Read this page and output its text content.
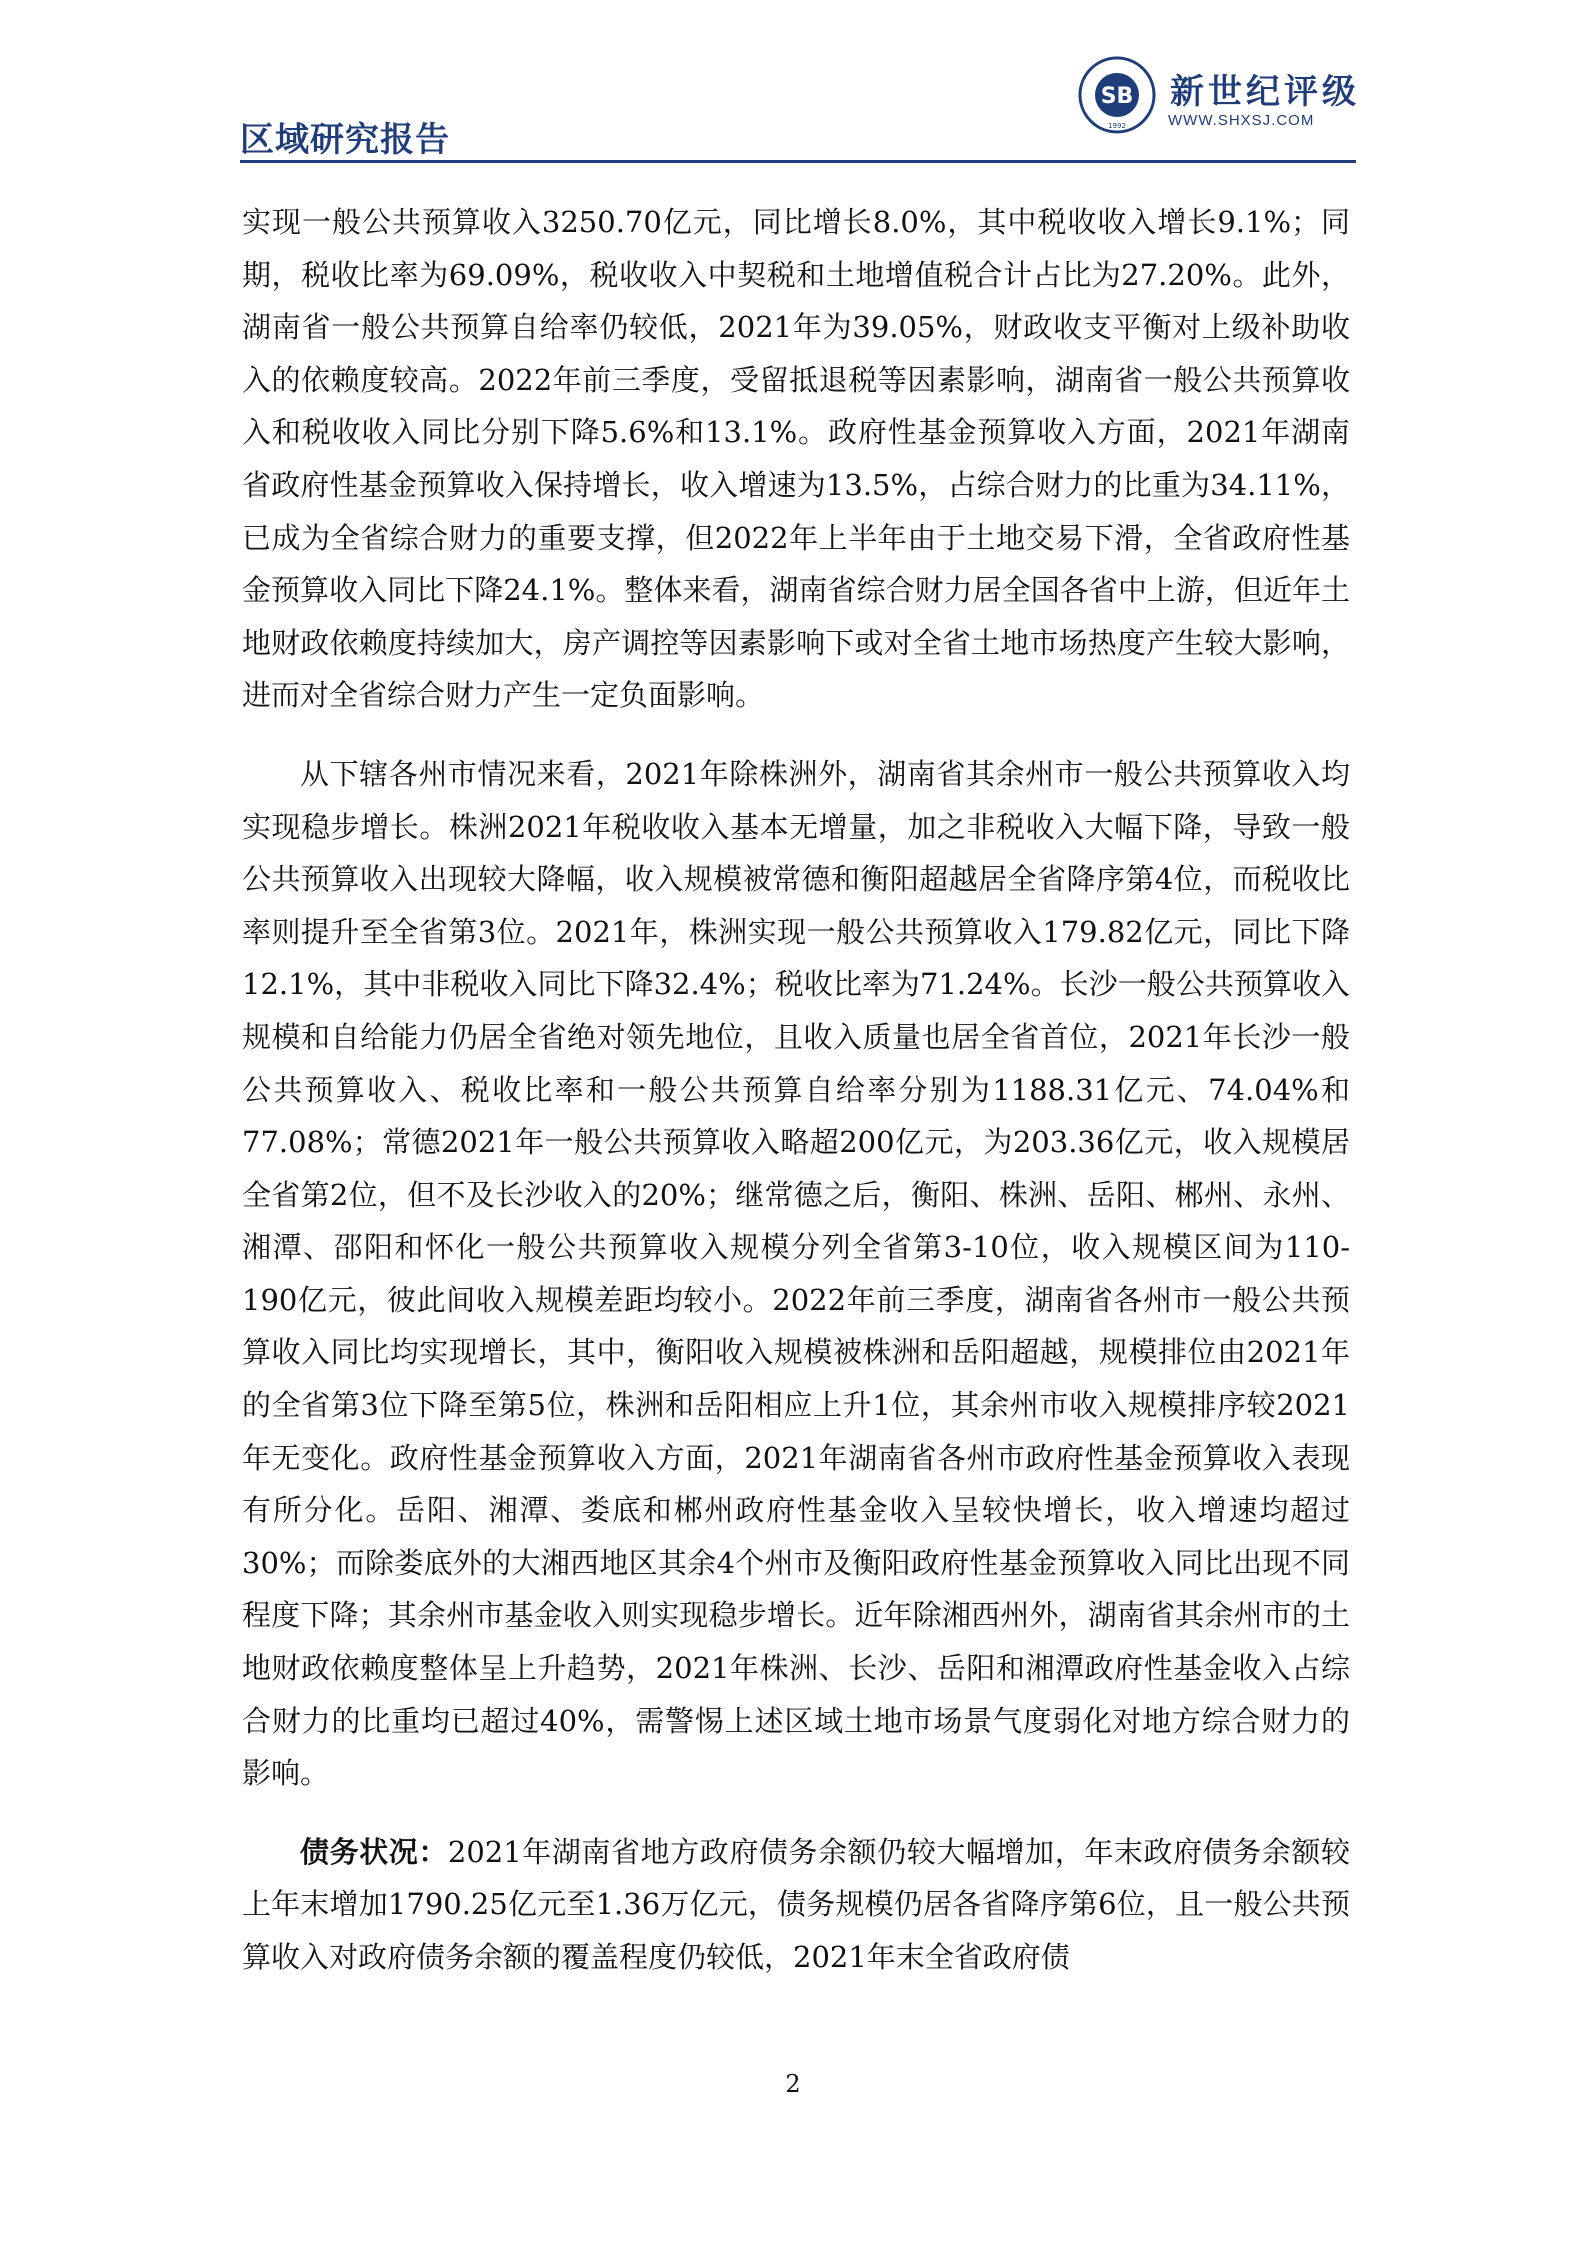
SB
1992
新世纪评级
WWW.SHXSJ.COM
区域研究报告

实现一般公共预算收入3250.70亿元，同比增长8.0%，其中税收收入增长9.1%；同期，税收比率为69.09%，税收收入中契税和土地增值税合计占比为27.20%。此外，湖南省一般公共预算自给率仍较低，2021年为39.05%，财政收支平衡对上级补助收入的依赖度较高。2022年前三季度，受留抵退税等因素影响，湖南省一般公共预算收入和税收收入同比分别下降5.6%和13.1%。政府性基金预算收入方面，2021年湖南省政府性基金预算收入保持增长，收入增速为13.5%，占综合财力的比重为34.11%，已成为全省综合财力的重要支撑，但2022年上半年由于土地交易下滑，全省政府性基金预算收入同比下降24.1%。整体来看，湖南省综合财力居全国各省中上游，但近年土地财政依赖度持续加大，房产调控等因素影响下或对全省土地市场热度产生较大影响，进而对全省综合财力产生一定负面影响。

从下辖各州市情况来看，2021年除株洲外，湖南省其余州市一般公共预算收入均实现稳步增长。株洲2021年税收收入基本无增量，加之非税收入大幅下降，导致一般公共预算收入出现较大降幅，收入规模被常德和衡阳超越居全省降序第4位，而税收比率则提升至全省第3位。2021年，株洲实现一般公共预算收入179.82亿元，同比下降12.1%，其中非税收入同比下降32.4%；税收比率为71.24%。长沙一般公共预算收入规模和自给能力仍居全省绝对领先地位，且收入质量也居全省首位，2021年长沙一般公共预算收入、税收比率和一般公共预算自给率分别为1188.31亿元、74.04%和77.08%；常德2021年一般公共预算收入略超200亿元，为203.36亿元，收入规模居全省第2位，但不及长沙收入的20%；继常德之后，衡阳、株洲、岳阳、郴州、永州、湘潭、邵阳和怀化一般公共预算收入规模分列全省第3-10位，收入规模区间为110-190亿元，彼此间收入规模差距均较小。2022年前三季度，湖南省各州市一般公共预算收入同比均实现增长，其中，衡阳收入规模被株洲和岳阳超越，规模排位由2021年的全省第3位下降至第5位，株洲和岳阳相应上升1位，其余州市收入规模排序较2021年无变化。政府性基金预算收入方面，2021年湖南省各州市政府性基金预算收入表现有所分化。岳阳、湘潭、娄底和郴州政府性基金收入呈较快增长，收入增速均超过30%；而除娄底外的大湘西地区其余4个州市及衡阳政府性基金预算收入同比出现不同程度下降；其余州市基金收入则实现稳步增长。近年除湘西州外，湖南省其余州市的土地财政依赖度整体呈上升趋势，2021年株洲、长沙、岳阳和湘潭政府性基金收入占综合财力的比重均已超过40%，需警惕上述区域土地市场景气度弱化对地方综合财力的影响。

债务状况：2021年湖南省地方政府债务余额仍较大幅增加，年末政府债务余额较上年末增加1790.25亿元至1.36万亿元，债务规模仍居各省降序第6位，且一般公共预算收入对政府债务余额的覆盖程度仍较低，2021年末全省政府债

2
